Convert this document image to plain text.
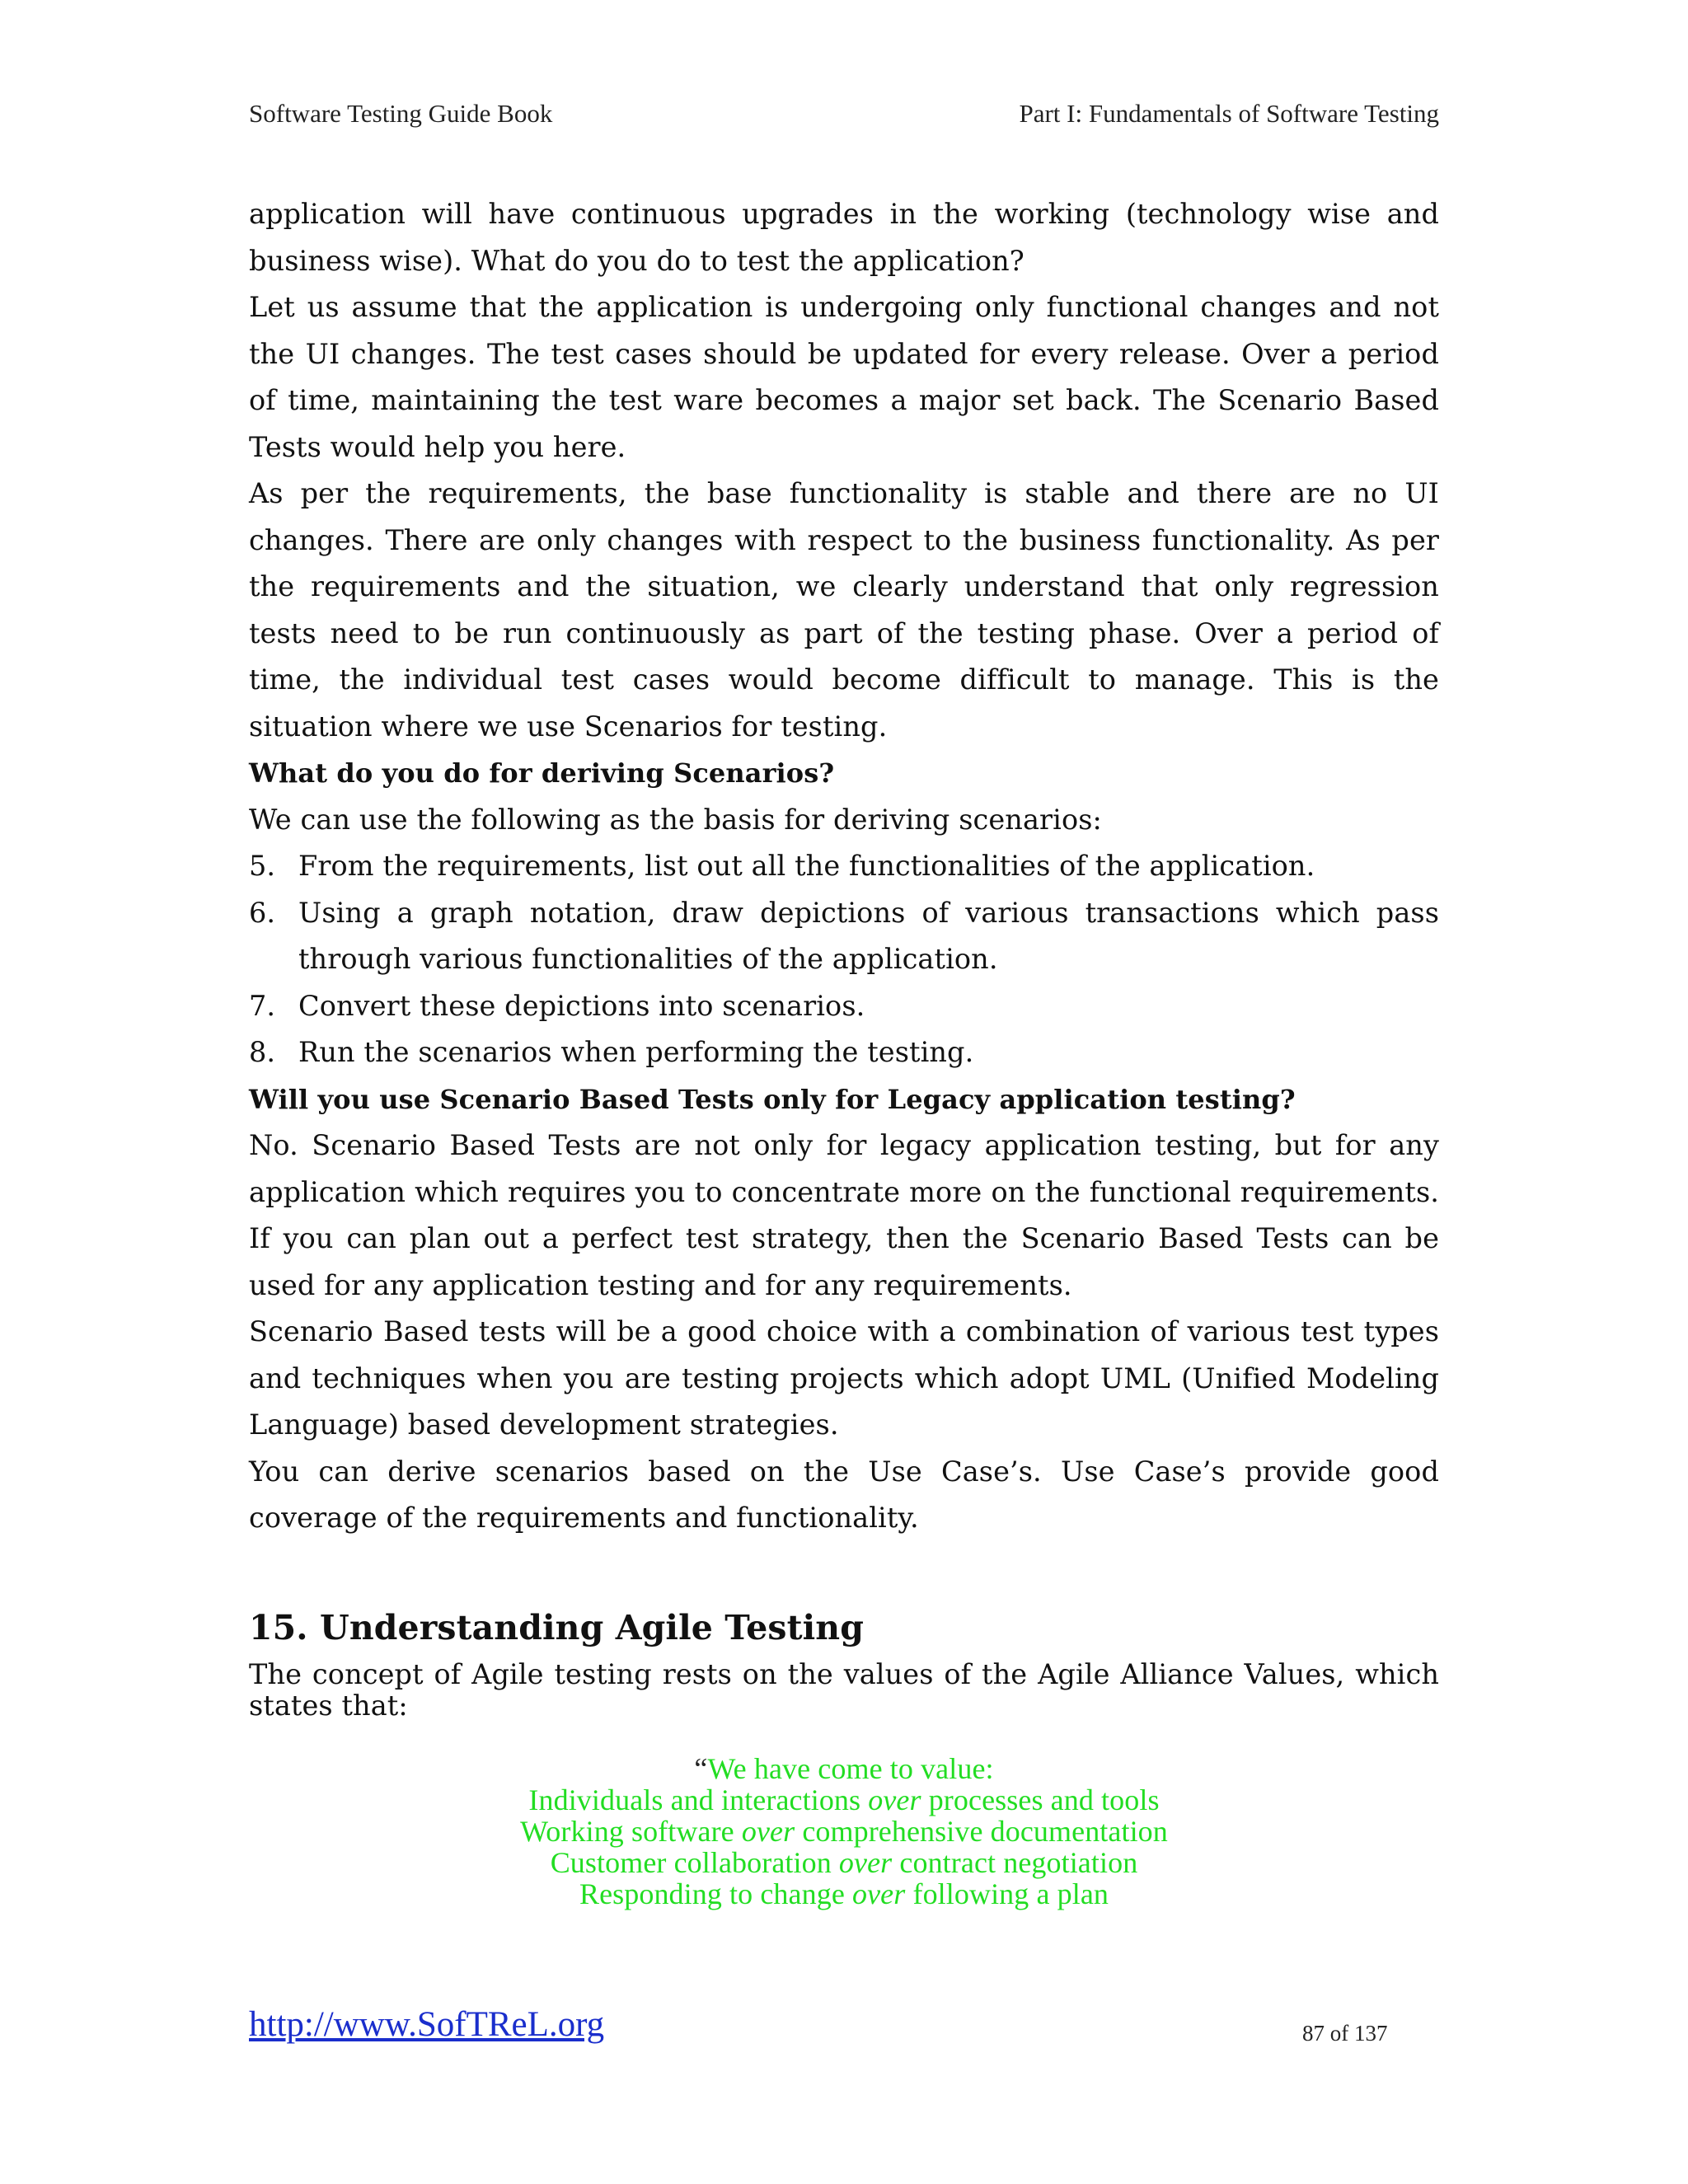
Software Testing Guide Book	Part I: Fundamentals of Software Testing

application will have continuous upgrades in the working (technology wise and business wise). What do you do to test the application?

Let us assume that the application is undergoing only functional changes and not the UI changes. The test cases should be updated for every release. Over a period of time, maintaining the test ware becomes a major set back. The Scenario Based Tests would help you here.

As per the requirements, the base functionality is stable and there are no UI changes. There are only changes with respect to the business functionality. As per the requirements and the situation, we clearly understand that only regression tests need to be run continuously as part of the testing phase. Over a period of time, the individual test cases would become difficult to manage. This is the situation where we use Scenarios for testing.

What do you do for deriving Scenarios?

We can use the following as the basis for deriving scenarios:

5. From the requirements, list out all the functionalities of the application.
6. Using a graph notation, draw depictions of various transactions which pass through various functionalities of the application.
7. Convert these depictions into scenarios.
8. Run the scenarios when performing the testing.

Will you use Scenario Based Tests only for Legacy application testing?

No. Scenario Based Tests are not only for legacy application testing, but for any application which requires you to concentrate more on the functional requirements. If you can plan out a perfect test strategy, then the Scenario Based Tests can be used for any application testing and for any requirements.

Scenario Based tests will be a good choice with a combination of various test types and techniques when you are testing projects which adopt UML (Unified Modeling Language) based development strategies.

You can derive scenarios based on the Use Case’s. Use Case’s provide good coverage of the requirements and functionality.

15. Understanding Agile Testing

The concept of Agile testing rests on the values of the Agile Alliance Values, which states that:

“We have come to value:
Individuals and interactions over processes and tools
Working software over comprehensive documentation
Customer collaboration over contract negotiation
Responding to change over following a plan
http://www.SofTReL.org	87 of 137
